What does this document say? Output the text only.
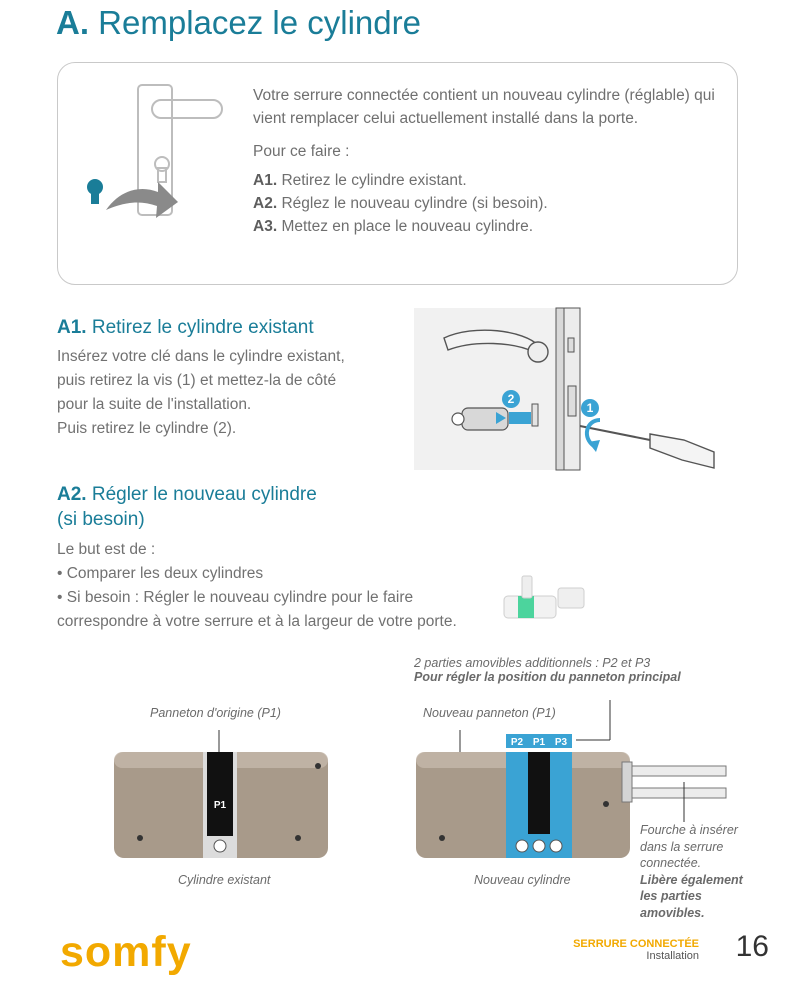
A. Remplacez le cylindre

Votre serrure connectée contient un nouveau cylindre (réglable) qui vient remplacer celui actuellement installé dans la porte.

Pour ce faire :

A1. Retirez le cylindre existant.

A2. Réglez le nouveau cylindre (si besoin).

A3. Mettez en place le nouveau cylindre.

A1. Retirez le cylindre existant

Insérez votre clé dans le cylindre existant,

puis retirez la vis (1) et mettez-la de côté

pour la suite de l'installation.

Puis retirez le cylindre (2).

2
1
A2. Régler le nouveau cylindre
(si besoin)

Le but est de :

• Comparer les deux cylindres

• Si besoin : Régler le nouveau cylindre pour le faire

correspondre à votre serrure et à la largeur de votre porte.

2 parties amovibles additionnels : P2 et P3
Pour régler la position du panneton principal
Panneton d'origine (P1)	Nouveau panneton (P1)
P1
P2 P1 P3
Cylindre existant	Nouveau cylindre
Fourche à insérer
dans la serrure
connectée.
Libère également
les parties
amovibles.
somfy	SERRURE CONNECTÉE
Installation 16
